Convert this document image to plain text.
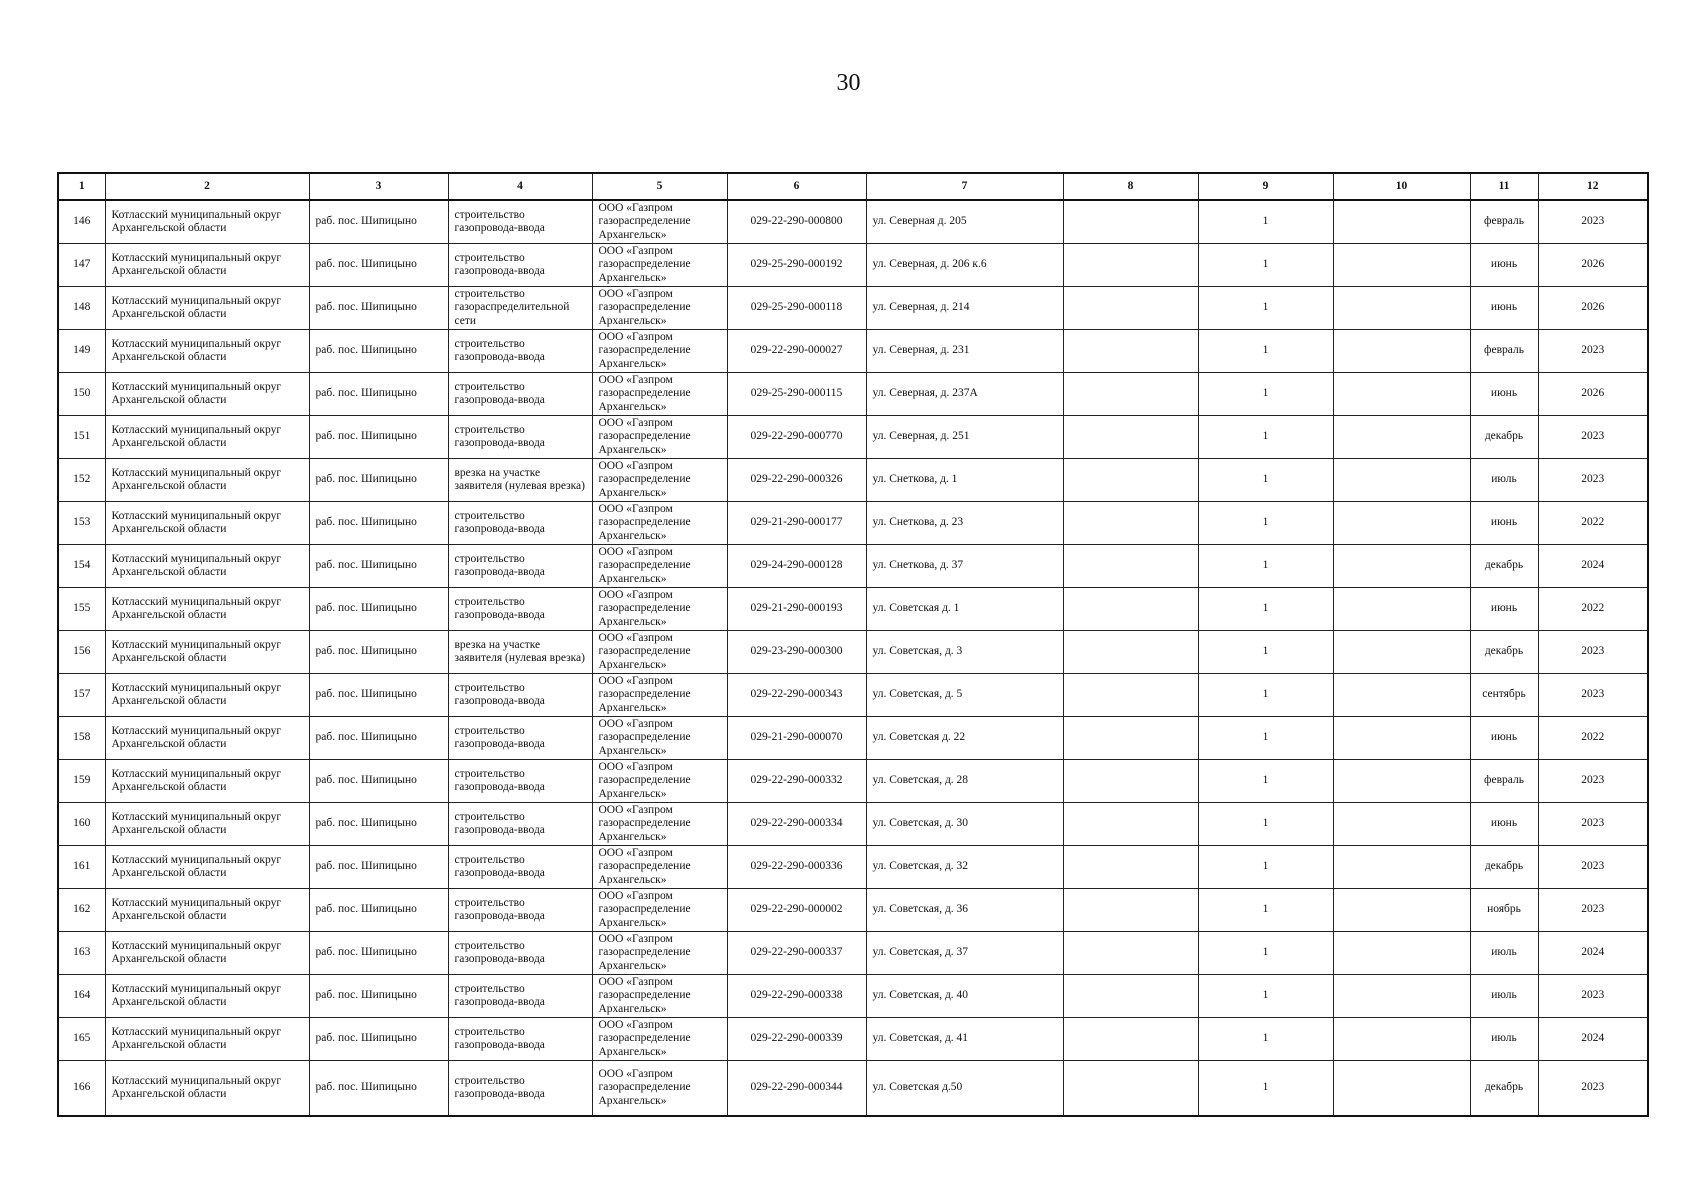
30
1	2	3	4	5	6	7	8	9	10	11	12
146	Котласский муниципальный округ Архангельской области	раб. пос. Шипицыно	строительство газопровода-ввода	ООО «Газпром газораспределение Архангельск»	029-22-290-000800	ул. Северная д. 205		1		февраль	2023
147	Котласский муниципальный округ Архангельской области	раб. пос. Шипицыно	строительство газопровода-ввода	ООО «Газпром газораспределение Архангельск»	029-25-290-000192	ул. Северная, д. 206 к.6		1		июнь	2026
148	Котласский муниципальный округ Архангельской области	раб. пос. Шипицыно	строительство газораспределительной сети	ООО «Газпром газораспределение Архангельск»	029-25-290-000118	ул. Северная, д. 214		1		июнь	2026
149	Котласский муниципальный округ Архангельской области	раб. пос. Шипицыно	строительство газопровода-ввода	ООО «Газпром газораспределение Архангельск»	029-22-290-000027	ул. Северная, д. 231		1		февраль	2023
150	Котласский муниципальный округ Архангельской области	раб. пос. Шипицыно	строительство газопровода-ввода	ООО «Газпром газораспределение Архангельск»	029-25-290-000115	ул. Северная, д. 237А		1		июнь	2026
151	Котласский муниципальный округ Архангельской области	раб. пос. Шипицыно	строительство газопровода-ввода	ООО «Газпром газораспределение Архангельск»	029-22-290-000770	ул. Северная, д. 251		1		декабрь	2023
152	Котласский муниципальный округ Архангельской области	раб. пос. Шипицыно	врезка на участке заявителя (нулевая врезка)	ООО «Газпром газораспределение Архангельск»	029-22-290-000326	ул. Снеткова, д. 1		1		июль	2023
153	Котласский муниципальный округ Архангельской области	раб. пос. Шипицыно	строительство газопровода-ввода	ООО «Газпром газораспределение Архангельск»	029-21-290-000177	ул. Снеткова, д. 23		1		июнь	2022
154	Котласский муниципальный округ Архангельской области	раб. пос. Шипицыно	строительство газопровода-ввода	ООО «Газпром газораспределение Архангельск»	029-24-290-000128	ул. Снеткова, д. 37		1		декабрь	2024
155	Котласский муниципальный округ Архангельской области	раб. пос. Шипицыно	строительство газопровода-ввода	ООО «Газпром газораспределение Архангельск»	029-21-290-000193	ул. Советская д. 1		1		июнь	2022
156	Котласский муниципальный округ Архангельской области	раб. пос. Шипицыно	врезка на участке заявителя (нулевая врезка)	ООО «Газпром газораспределение Архангельск»	029-23-290-000300	ул. Советская, д. 3		1		декабрь	2023
157	Котласский муниципальный округ Архангельской области	раб. пос. Шипицыно	строительство газопровода-ввода	ООО «Газпром газораспределение Архангельск»	029-22-290-000343	ул. Советская, д. 5		1		сентябрь	2023
158	Котласский муниципальный округ Архангельской области	раб. пос. Шипицыно	строительство газопровода-ввода	ООО «Газпром газораспределение Архангельск»	029-21-290-000070	ул. Советская д. 22		1		июнь	2022
159	Котласский муниципальный округ Архангельской области	раб. пос. Шипицыно	строительство газопровода-ввода	ООО «Газпром газораспределение Архангельск»	029-22-290-000332	ул. Советская, д. 28		1		февраль	2023
160	Котласский муниципальный округ Архангельской области	раб. пос. Шипицыно	строительство газопровода-ввода	ООО «Газпром газораспределение Архангельск»	029-22-290-000334	ул. Советская, д. 30		1		июнь	2023
161	Котласский муниципальный округ Архангельской области	раб. пос. Шипицыно	строительство газопровода-ввода	ООО «Газпром газораспределение Архангельск»	029-22-290-000336	ул. Советская, д. 32		1		декабрь	2023
162	Котласский муниципальный округ Архангельской области	раб. пос. Шипицыно	строительство газопровода-ввода	ООО «Газпром газораспределение Архангельск»	029-22-290-000002	ул. Советская, д. 36		1		ноябрь	2023
163	Котласский муниципальный округ Архангельской области	раб. пос. Шипицыно	строительство газопровода-ввода	ООО «Газпром газораспределение Архангельск»	029-22-290-000337	ул. Советская, д. 37		1		июль	2024
164	Котласский муниципальный округ Архангельской области	раб. пос. Шипицыно	строительство газопровода-ввода	ООО «Газпром газораспределение Архангельск»	029-22-290-000338	ул. Советская, д. 40		1		июль	2023
165	Котласский муниципальный округ Архангельской области	раб. пос. Шипицыно	строительство газопровода-ввода	ООО «Газпром газораспределение Архангельск»	029-22-290-000339	ул. Советская, д. 41		1		июль	2024
166	Котласский муниципальный округ Архангельской области	раб. пос. Шипицыно	строительство газопровода-ввода	ООО «Газпром газораспределение Архангельск»	029-22-290-000344	ул. Советская д.50		1		декабрь	2023
